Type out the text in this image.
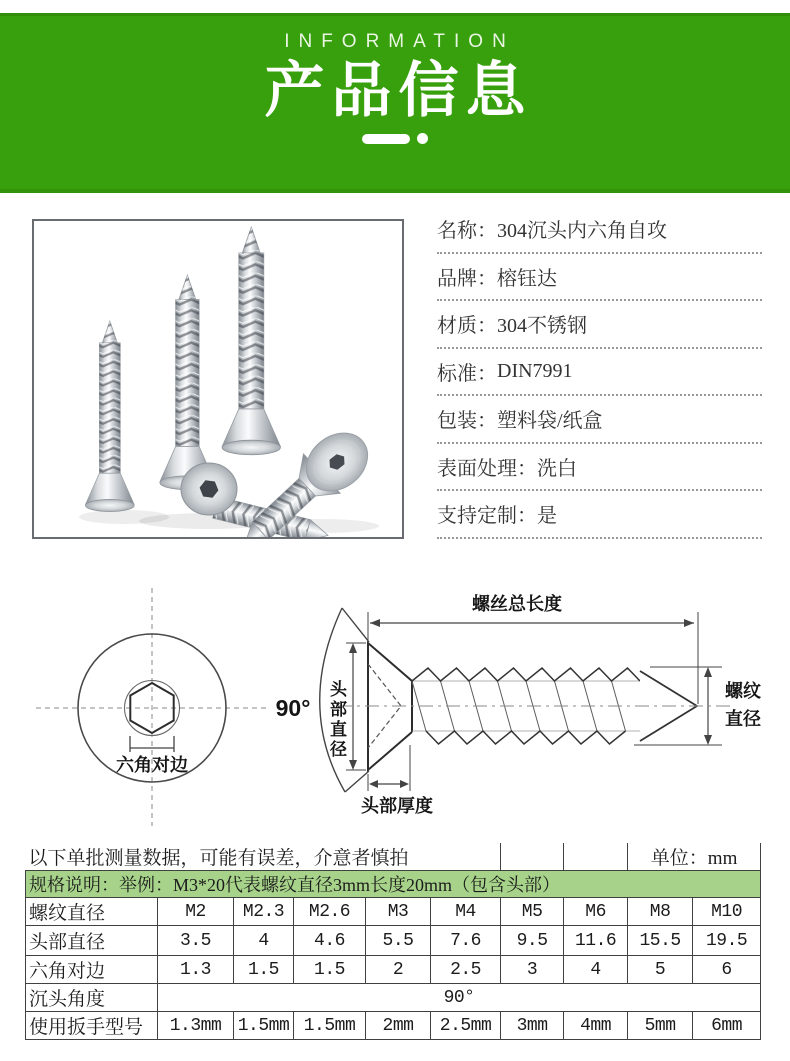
INFORMATION
产品信息
名称： 304沉头内六角自攻
品牌： 榕钰达
材质： 304不锈钢
标准： DIN7991
包装： 塑料袋/纸盒
表面处理： 洗白
支持定制： 是
螺丝总长度
90° 头部直径
头部厚度
螺纹
直径
六角对边
以下单批测量数据，可能有误差，介意者慎拍								单位：mm	
规格说明：举例：M3*20代表螺纹直径3mm长度20mm（包含头部）									
螺纹直径	M2	M2.3	M2.6	M3	M4	M5	M6	M8	M10
头部直径	3.5	4	4.6	5.5	7.6	9.5	11.6	15.5	19.5
六角对边	1.3	1.5	1.5	2	2.5	3	4	5	6
沉头角度	90°								
使用扳手型号	1.3mm	1.5mm	1.5mm	2mm	2.5mm	3mm	4mm	5mm	6mm
